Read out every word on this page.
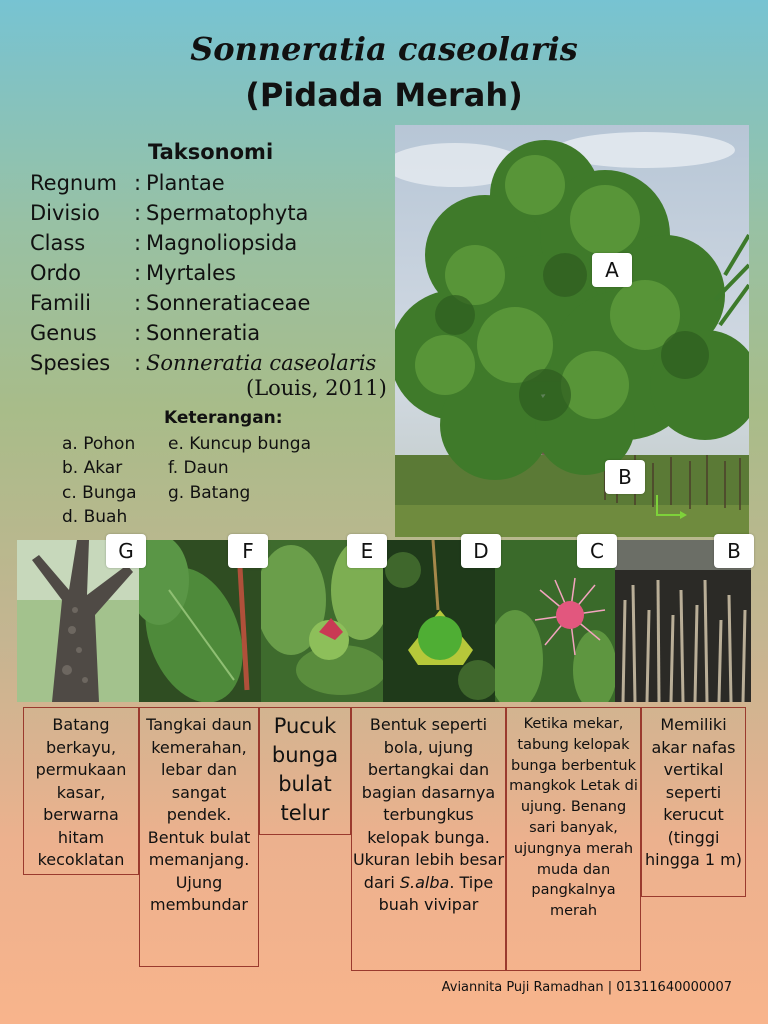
Sonneratia caseolaris
(Pidada Merah)
Taksonomi
Regnum : Plantae
Divisio : Spermatophyta
Class : Magnoliopsida
Ordo	: Myrtales
Famili : Sonneratiaceae
Genus : Sonneratia
Spesies : Sonneratia caseolaris
(Louis, 2011)
Keterangan:
a. Pohon
b. Akar
c. Bunga
d. Buah
e. Kuncup bunga
f. Daun
g. Batang
A
B
G	F	E	D	C	B
Batang berkayu, permukaan kasar, berwarna hitam kecoklatan
Tangkai daun kemerahan, lebar dan sangat pendek. Bentuk bulat memanjang. Ujung membundar
Pucuk bunga bulat telur
Bentuk seperti bola, ujung bertangkai dan bagian dasarnya terbungkus kelopak bunga. Ukuran lebih besar dari S.alba. Tipe buah vivipar
Ketika mekar, tabung kelopak bunga berbentuk mangkok Letak di ujung. Benang sari banyak, ujungnya merah muda dan pangkalnya merah
Memiliki akar nafas vertikal seperti kerucut (tinggi hingga 1 m)
Aviannita Puji Ramadhan | 01311640000007
